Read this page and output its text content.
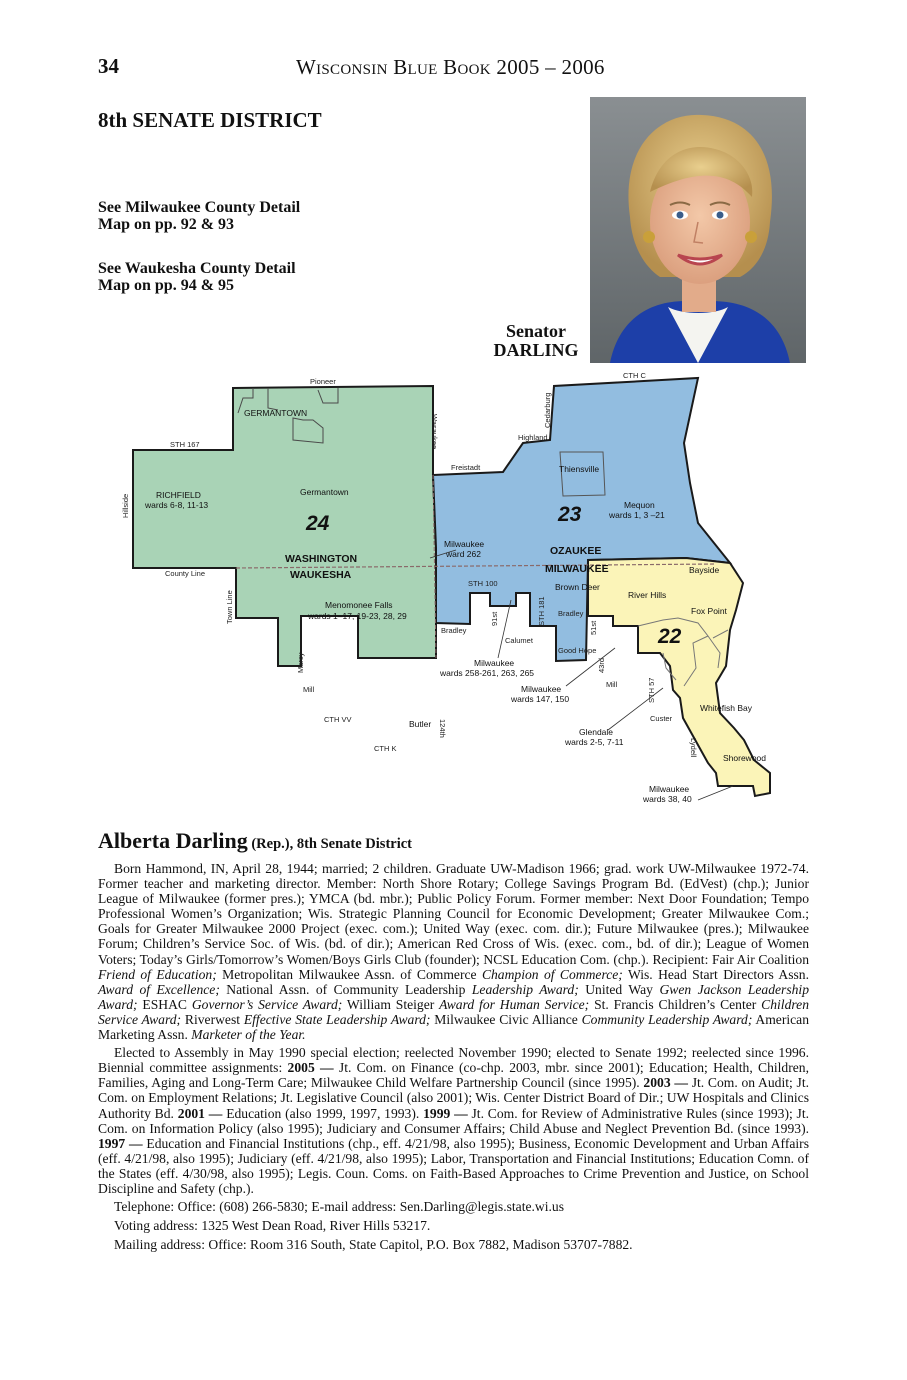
34	Wisconsin Blue Book 2005 – 2006
8th SENATE DISTRICT
See Milwaukee County Detail
Map on pp. 92 & 93
See Waukesha County Detail
Map on pp. 94 & 95
Senator
DARLING
24	23
22
WASHINGTON
WAUKESHA
OZAUKEE
MILWAUKEE
Pioneer
CTH C
STH 167
Hillside
County Line
Town Line
Wasaukee
Cedarburg
Highland
Freistadt
STH 100
Bradley
91st	STH 181 Bradley
51st
Calumet
Good Hope
43rd
Mill
Marcy
Mill
CTH VV	124th
CTH K
STH 57
Custer
Lydell
GERMANTOWN
Germantown
RICHFIELD
wards 6-8, 11-13
Thiensville
Mequon
wards 1, 3 –21
Milwaukee
ward 262
Brown Deer
Bayside
River Hills
Fox Point
Menomonee Falls
wards 1–17, 19-23, 28, 29
Milwaukee
wards 258-261, 263, 265
Milwaukee
wards 147, 150
Butler
Glendale
wards 2-5, 7-11
Whitefish Bay
Shorewood
Milwaukee
wards 38, 40
Alberta Darling (Rep.), 8th Senate District

Born Hammond, IN, April 28, 1944; married; 2 children. Graduate UW-Madison 1966; grad. work UW-Milwaukee 1972-74. Former teacher and marketing director. Member: North Shore Rotary; College Savings Program Bd. (EdVest) (chp.); Junior League of Milwaukee (former pres.); YMCA (bd. mbr.); Public Policy Forum. Former member: Next Door Foundation; Tempo Professional Women’s Organization; Wis. Strategic Planning Council for Economic Development; Greater Milwaukee Com.; Goals for Greater Milwaukee 2000 Project (exec. com.); United Way (exec. com. dir.); Future Milwaukee (pres.); Milwaukee Forum; Children’s Service Soc. of Wis. (bd. of dir.); American Red Cross of Wis. (exec. com., bd. of dir.); League of Women Voters; Today’s Girls/Tomorrow’s Women/Boys Girls Club (founder); NCSL Education Com. (chp.). Recipient: Fair Air Coalition Friend of Education; Metropolitan Milwaukee Assn. of Commerce Champion of Commerce; Wis. Head Start Directors Assn. Award of Excellence; National Assn. of Community Leadership Leadership Award; United Way Gwen Jackson Leadership Award; ESHAC Governor’s Service Award; William Steiger Award for Human Service; St. Francis Children’s Center Children Service Award; Riverwest Effective State Leadership Award; Milwaukee Civic Alliance Community Leadership Award; American Marketing Assn. Marketer of the Year.

Elected to Assembly in May 1990 special election; reelected November 1990; elected to Senate 1992; reelected since 1996. Biennial committee assignments: 2005 — Jt. Com. on Finance (co-chp. 2003, mbr. since 2001); Education; Health, Children, Families, Aging and Long-Term Care; Milwaukee Child Welfare Partnership Council (since 1995). 2003 — Jt. Com. on Audit; Jt. Com. on Employment Relations; Jt. Legislative Council (also 2001); Wis. Center District Board of Dir.; UW Hospitals and Clinics Authority Bd. 2001 — Education (also 1999, 1997, 1993). 1999 — Jt. Com. for Review of Administrative Rules (since 1993); Jt. Com. on Information Policy (also 1995); Judiciary and Consumer Affairs; Child Abuse and Neglect Prevention Bd. (since 1993). 1997 — Education and Financial Institutions (chp., eff. 4/21/98, also 1995); Business, Economic Development and Urban Affairs (eff. 4/21/98, also 1995); Judiciary (eff. 4/21/98, also 1995); Labor, Transportation and Financial Institutions; Education Comn. of the States (eff. 4/30/98, also 1995); Legis. Coun. Coms. on Faith-Based Approaches to Crime Prevention and Justice, on School Discipline and Safety (chp.).

Telephone: Office: (608) 266-5830; E-mail address: Sen.Darling@legis.state.wi.us

Voting address: 1325 West Dean Road, River Hills 53217.

Mailing address: Office: Room 316 South, State Capitol, P.O. Box 7882, Madison 53707-7882.
